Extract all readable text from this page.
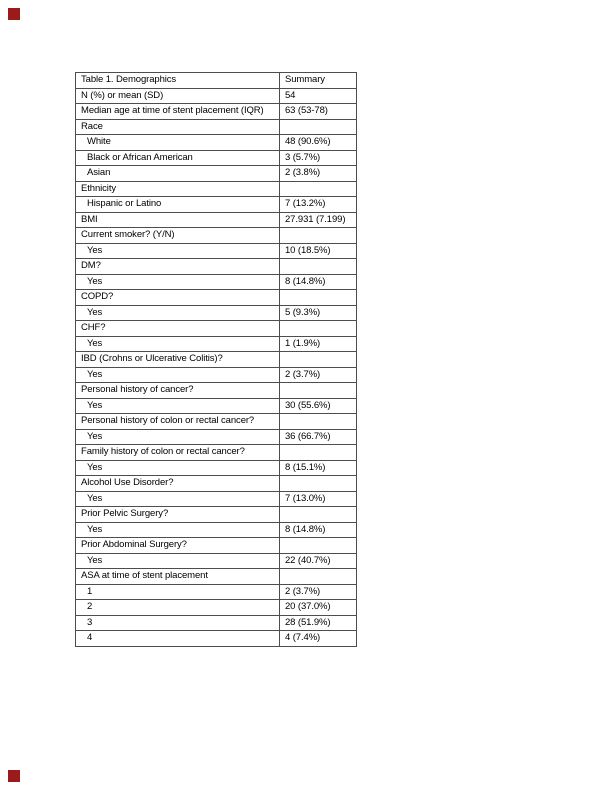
Table 1. Demographics	Summary
N (%) or mean (SD)	54
Median age at time of stent placement (IQR)	63 (53-78)
Race	
White	48 (90.6%)
Black or African American	3 (5.7%)
Asian	2 (3.8%)
Ethnicity	
Hispanic or Latino	7 (13.2%)
BMI	27.931 (7.199)
Current smoker? (Y/N)	
Yes	10 (18.5%)
DM?	
Yes	8 (14.8%)
COPD?	
Yes	5 (9.3%)
CHF?	
Yes	1 (1.9%)
IBD (Crohns or Ulcerative Colitis)?	
Yes	2 (3.7%)
Personal history of cancer?	
Yes	30 (55.6%)
Personal history of colon or rectal cancer?	
Yes	36 (66.7%)
Family history of colon or rectal cancer?	
Yes	8 (15.1%)
Alcohol Use Disorder?	
Yes	7 (13.0%)
Prior Pelvic Surgery?	
Yes	8 (14.8%)
Prior Abdominal Surgery?	
Yes	22 (40.7%)
ASA at time of stent placement	
1	2 (3.7%)
2	20 (37.0%)
3	28 (51.9%)
4	4 (7.4%)
